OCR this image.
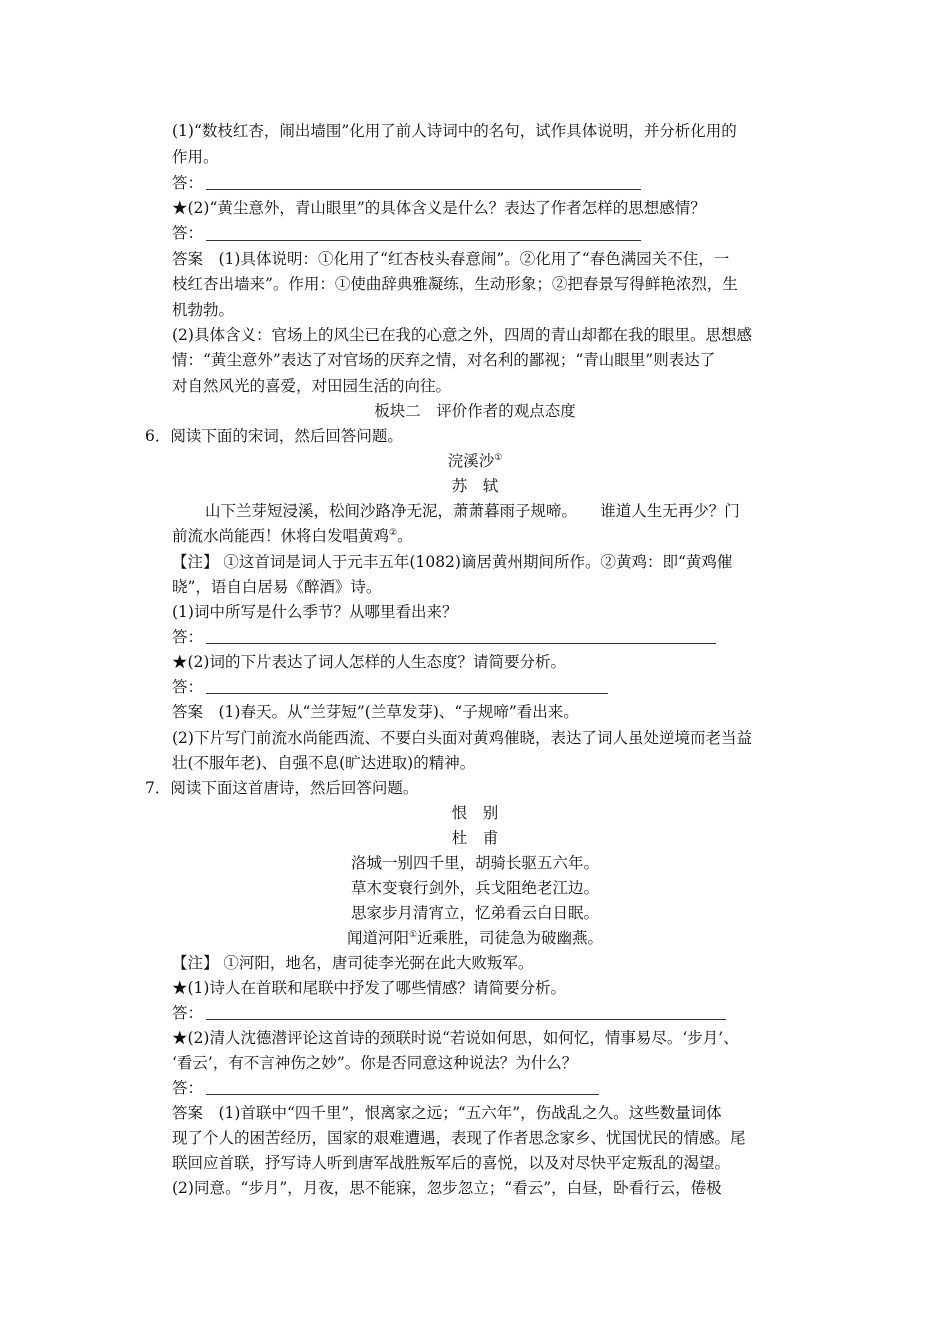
(1)“数枝红杏，闹出墙围”化用了前人诗词中的名句，试作具体说明，并分析化用的
作用。
答：
★(2)“黄尘意外，青山眼里”的具体含义是什么？表达了作者怎样的思想感情？
答：
答案　(1)具体说明：①化用了“红杏枝头春意闹”。②化用了“春色满园关不住，一
枝红杏出墙来”。作用：①使曲辞典雅凝练，生动形象；②把春景写得鲜艳浓烈，生
机勃勃。
(2)具体含义：官场上的风尘已在我的心意之外，四周的青山却都在我的眼里。思想感
情：“黄尘意外”表达了对官场的厌弃之情，对名利的鄙视；“青山眼里”则表达了
对自然风光的喜爱，对田园生活的向往。
板块二　评价作者的观点态度
6．阅读下面的宋词，然后回答问题。
浣溪沙①
苏　轼
山下兰芽短浸溪，松间沙路净无泥，萧萧暮雨子规啼。　　谁道人生无再少？门
前流水尚能西！休将白发唱黄鸡②。
【注】 ①这首词是词人于元丰五年(1082)谪居黄州期间所作。②黄鸡：即“黄鸡催
晓”，语自白居易《醉酒》诗。
(1)词中所写是什么季节？从哪里看出来？
答：
★(2)词的下片表达了词人怎样的人生态度？请简要分析。
答：
答案　(1)春天。从“兰芽短”(兰草发芽)、“子规啼”看出来。
(2)下片写门前流水尚能西流、不要白头面对黄鸡催晓，表达了词人虽处逆境而老当益
壮(不服年老)、自强不息(旷达进取)的精神。
7．阅读下面这首唐诗，然后回答问题。
恨　别
杜　甫
洛城一别四千里，胡骑长驱五六年。
草木变衰行剑外，兵戈阻绝老江边。
思家步月清宵立，忆弟看云白日眠。
闻道河阳①近乘胜，司徒急为破幽燕。
【注】 ①河阳，地名，唐司徒李光弼在此大败叛军。
★(1)诗人在首联和尾联中抒发了哪些情感？请简要分析。
答：
★(2)清人沈德潜评论这首诗的颈联时说“若说如何思，如何忆，情事易尽。‘步月’、
‘看云’，有不言神伤之妙”。你是否同意这种说法？为什么？
答：
答案　(1)首联中“四千里”，恨离家之远；“五六年”，伤战乱之久。这些数量词体
现了个人的困苦经历，国家的艰难遭遇，表现了作者思念家乡、忧国忧民的情感。尾
联回应首联，抒写诗人听到唐军战胜叛军后的喜悦，以及对尽快平定叛乱的渴望。
(2)同意。“步月”，月夜，思不能寐，忽步忽立；“看云”，白昼，卧看行云，倦极
